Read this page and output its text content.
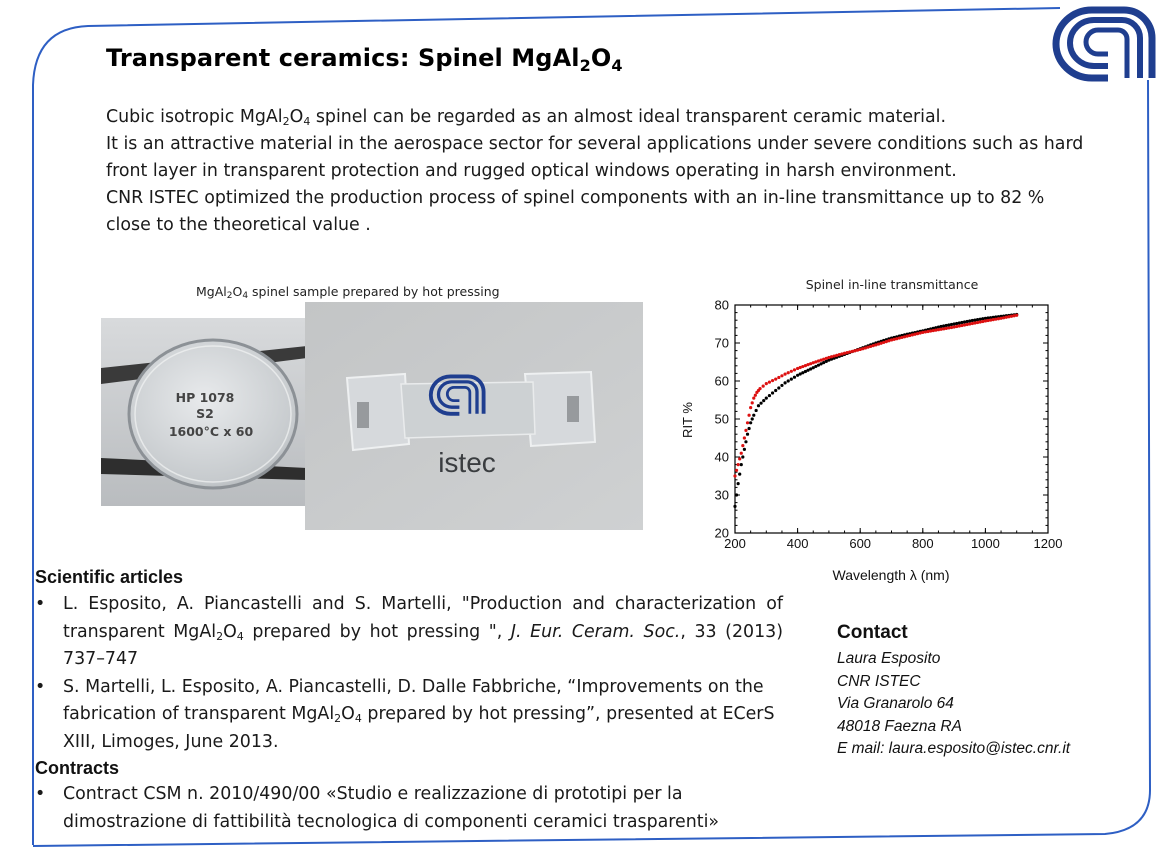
Transparent ceramics: Spinel $MgAl_2O_4$

Cubic isotropic $MgAl_2O_4$ spinel can be regarded as an almost ideal transparent ceramic material.

It is an attractive material in the aerospace sector for several applications under severe conditions such as hard front layer in transparent protection and rugged optical windows operating in harsh environment.

CNR ISTEC optimized the production process of spinel components with an in-line transmittance up to 82 % close to the theoretical value .

$MgAl_2O_4$ spinel sample prepared by hot pressing
HP 1078
S2
1600°C x 60
istec
Spinel in-line transmittance
Wavelength λ (nm)
RIT %
200	400	600	800	1000	1200
20
30
40
50
60
70
80
Scientific articles
• L. Esposito, A. Piancastelli and S. Martelli, "Production and characterization of transparent $MgAl_2O_4$ prepared by hot pressing ", J. Eur. Ceram. Soc., 33 (2013) 737–747
• S. Martelli, L. Esposito, A. Piancastelli, D. Dalle Fabbriche, “Improvements on the fabrication of transparent $MgAl_2O_4$ prepared by hot pressing”, presented at ECerS XIII, Limoges, June 2013.
Contracts
• Contract CSM n. 2010/490/00 «Studio e realizzazione di prototipi per la dimostrazione di fattibilità tecnologica di componenti ceramici trasparenti»
Contact
Laura Esposito
CNR ISTEC
Via Granarolo 64
48018 Faezna RA
E mail: laura.esposito@istec.cnr.it
